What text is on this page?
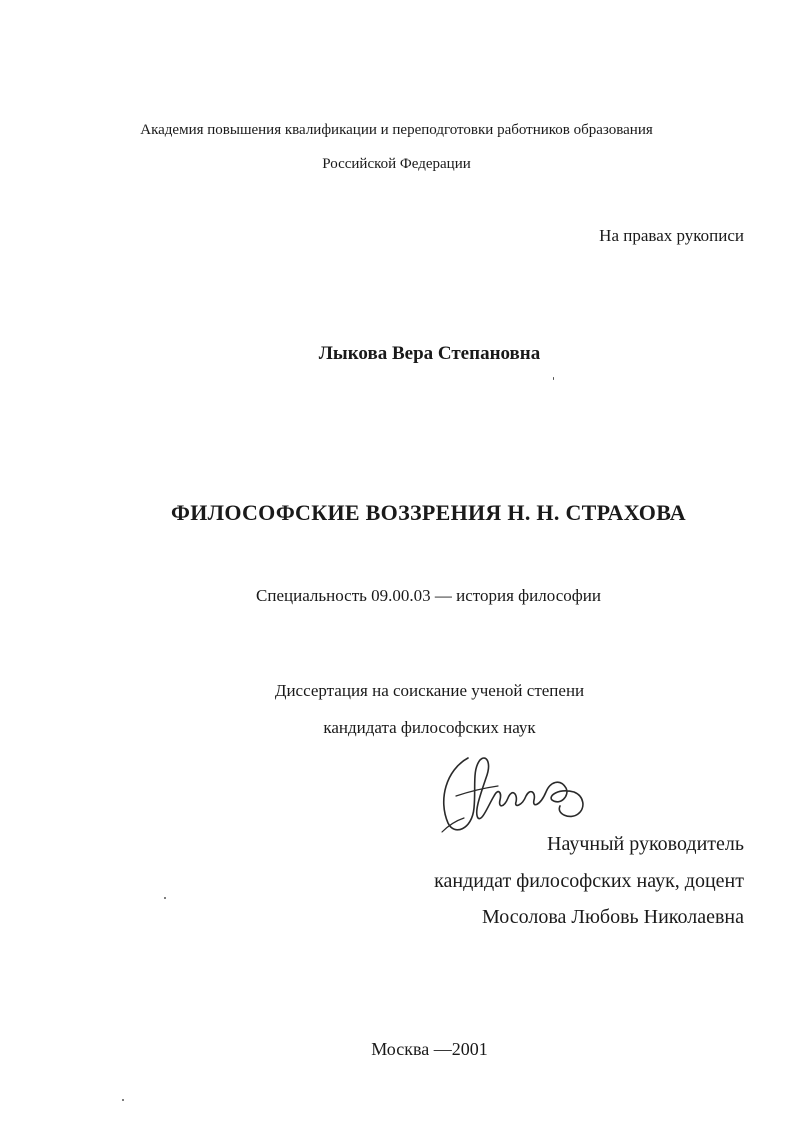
Академия повышения квалификации и переподготовки работников образования
Российской Федерации
На правах рукописи
Лыкова Вера Степановна
ФИЛОСОФСКИЕ ВОЗЗРЕНИЯ Н. Н. СТРАХОВА
Специальность 09.00.03 — история философии
Диссертация на соискание ученой степени
кандидата философских наук
Научный руководитель
кандидат философских наук, доцент
Мосолова Любовь Николаевна
Москва —2001
